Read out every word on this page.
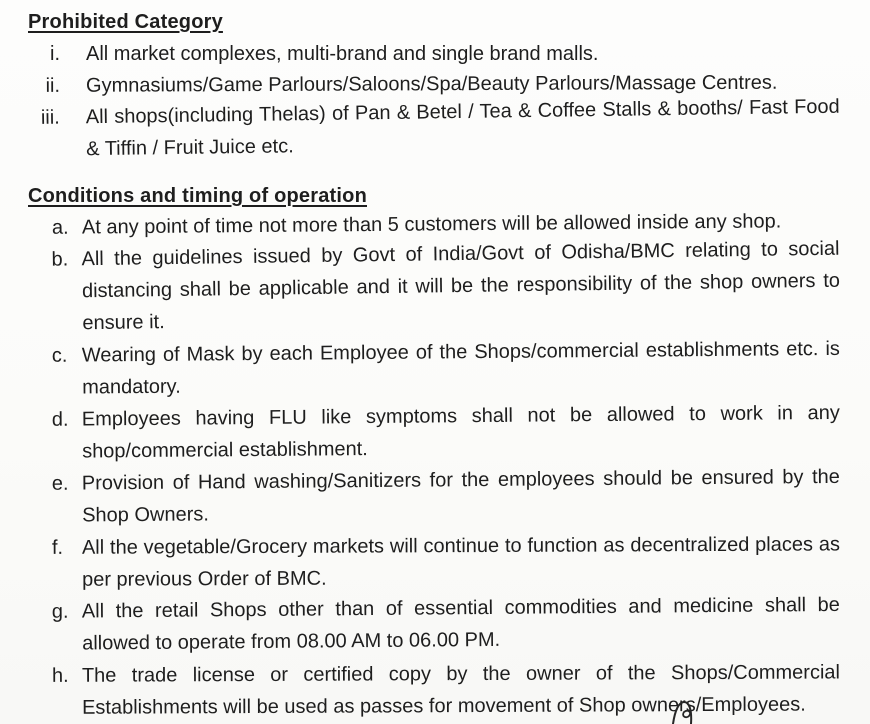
Prohibited Category
i. All market complexes, multi-brand and single brand malls.
ii. Gymnasiums/Game Parlours/Saloons/Spa/Beauty Parlours/Massage Centres.
iii. All shops(including Thelas) of Pan & Betel / Tea & Coffee Stalls & booths/ Fast Food & Tiffin / Fruit Juice etc.
Conditions and timing of operation
a. At any point of time not more than 5 customers will be allowed inside any shop.
b. All the guidelines issued by Govt of India/Govt of Odisha/BMC relating to social distancing shall be applicable and it will be the responsibility of the shop owners to ensure it.
c. Wearing of Mask by each Employee of the Shops/commercial establishments etc. is mandatory.
d. Employees having FLU like symptoms shall not be allowed to work in any shop/commercial establishment.
e. Provision of Hand washing/Sanitizers for the employees should be ensured by the Shop Owners.
f. All the vegetable/Grocery markets will continue to function as decentralized places as per previous Order of BMC.
g. All the retail Shops other than of essential commodities and medicine shall be allowed to operate from 08.00 AM to 06.00 PM.
h. The trade license or certified copy by the owner of the Shops/Commercial Establishments will be used as passes for movement of Shop owners/Employees.
